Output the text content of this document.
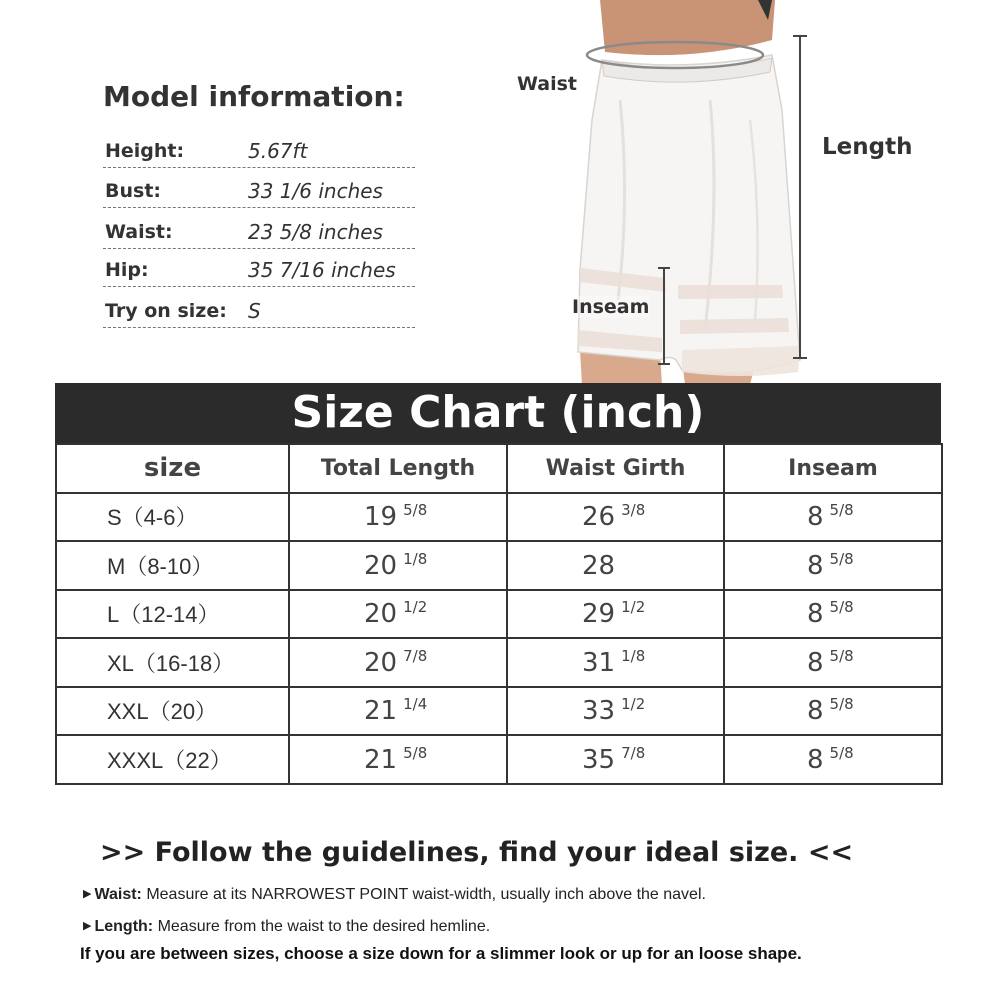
Model information:
Height:	5.67ft
Bust:	33 1/6 inches
Waist:	23 5/8 inches
Hip:	35 7/16 inches
Try on size: S
Waist
Length
Inseam
Size Chart (inch)
size	Total Length	Waist Girth	Inseam
S（4-6）	19 $^{5/8}$	26 $^{3/8}$	8 $^{5/8}$
M（8-10）	20 $^{1/8}$	28	8 $^{5/8}$
L（12-14）	20 $^{1/2}$	29 $^{1/2}$	8 $^{5/8}$
XL（16-18）	20 $^{7/8}$	31 $^{1/8}$	8 $^{5/8}$
XXL（20）	21 $^{1/4}$	33 $^{1/2}$	8 $^{5/8}$
XXXL（22）	21 $^{5/8}$	35 $^{7/8}$	8 $^{5/8}$
>> Follow the guidelines, find your ideal size. <<
▶ Waist: Measure at its NARROWEST POINT waist-width, usually inch above the navel.
▶ Length: Measure from the waist to the desired hemline.
If you are between sizes, choose a size down for a slimmer look or up for an loose shape.
